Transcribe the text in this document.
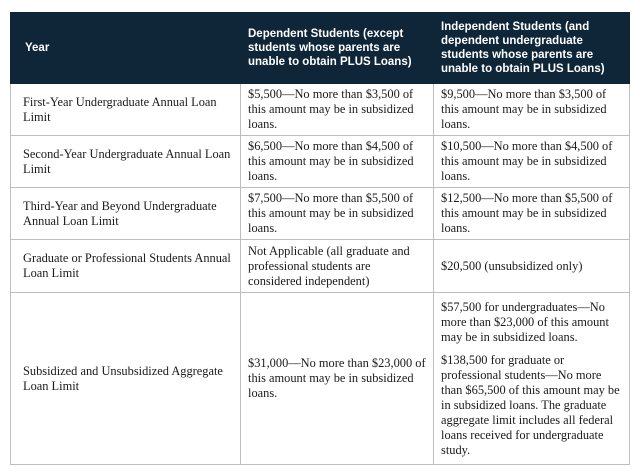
Year	Dependent Students (except students whose parents are unable to obtain PLUS Loans)	Independent Students (and dependent undergraduate students whose parents are unable to obtain PLUS Loans)
First-Year Undergraduate Annual Loan Limit	$5,500—No more than $3,500 of this amount may be in subsidized loans.	$9,500—No more than $3,500 of this amount may be in subsidized loans.

Second-Year Undergraduate Annual Loan Limit	$6,500—No more than $4,500 of this amount may be in subsidized loans.	$10,500—No more than $4,500 of this amount may be in subsidized loans.

Third-Year and Beyond Undergraduate Annual Loan Limit	$7,500—No more than $5,500 of this amount may be in subsidized loans.	$12,500—No more than $5,500 of this amount may be in subsidized loans.

Graduate or Professional Students Annual Loan Limit	Not Applicable (all graduate and professional students are considered independent)	$20,500 (unsubsidized only)

Subsidized and Unsubsidized Aggregate Loan Limit	$31,000—No more than $23,000 of this amount may be in subsidized loans.	$57,500 for undergraduates—No more than $23,000 of this amount may be in subsidized loans.
$138,500 for graduate or professional students—No more than $65,500 of this amount may be in subsidized loans. The graduate aggregate limit includes all federal loans received for undergraduate study.
